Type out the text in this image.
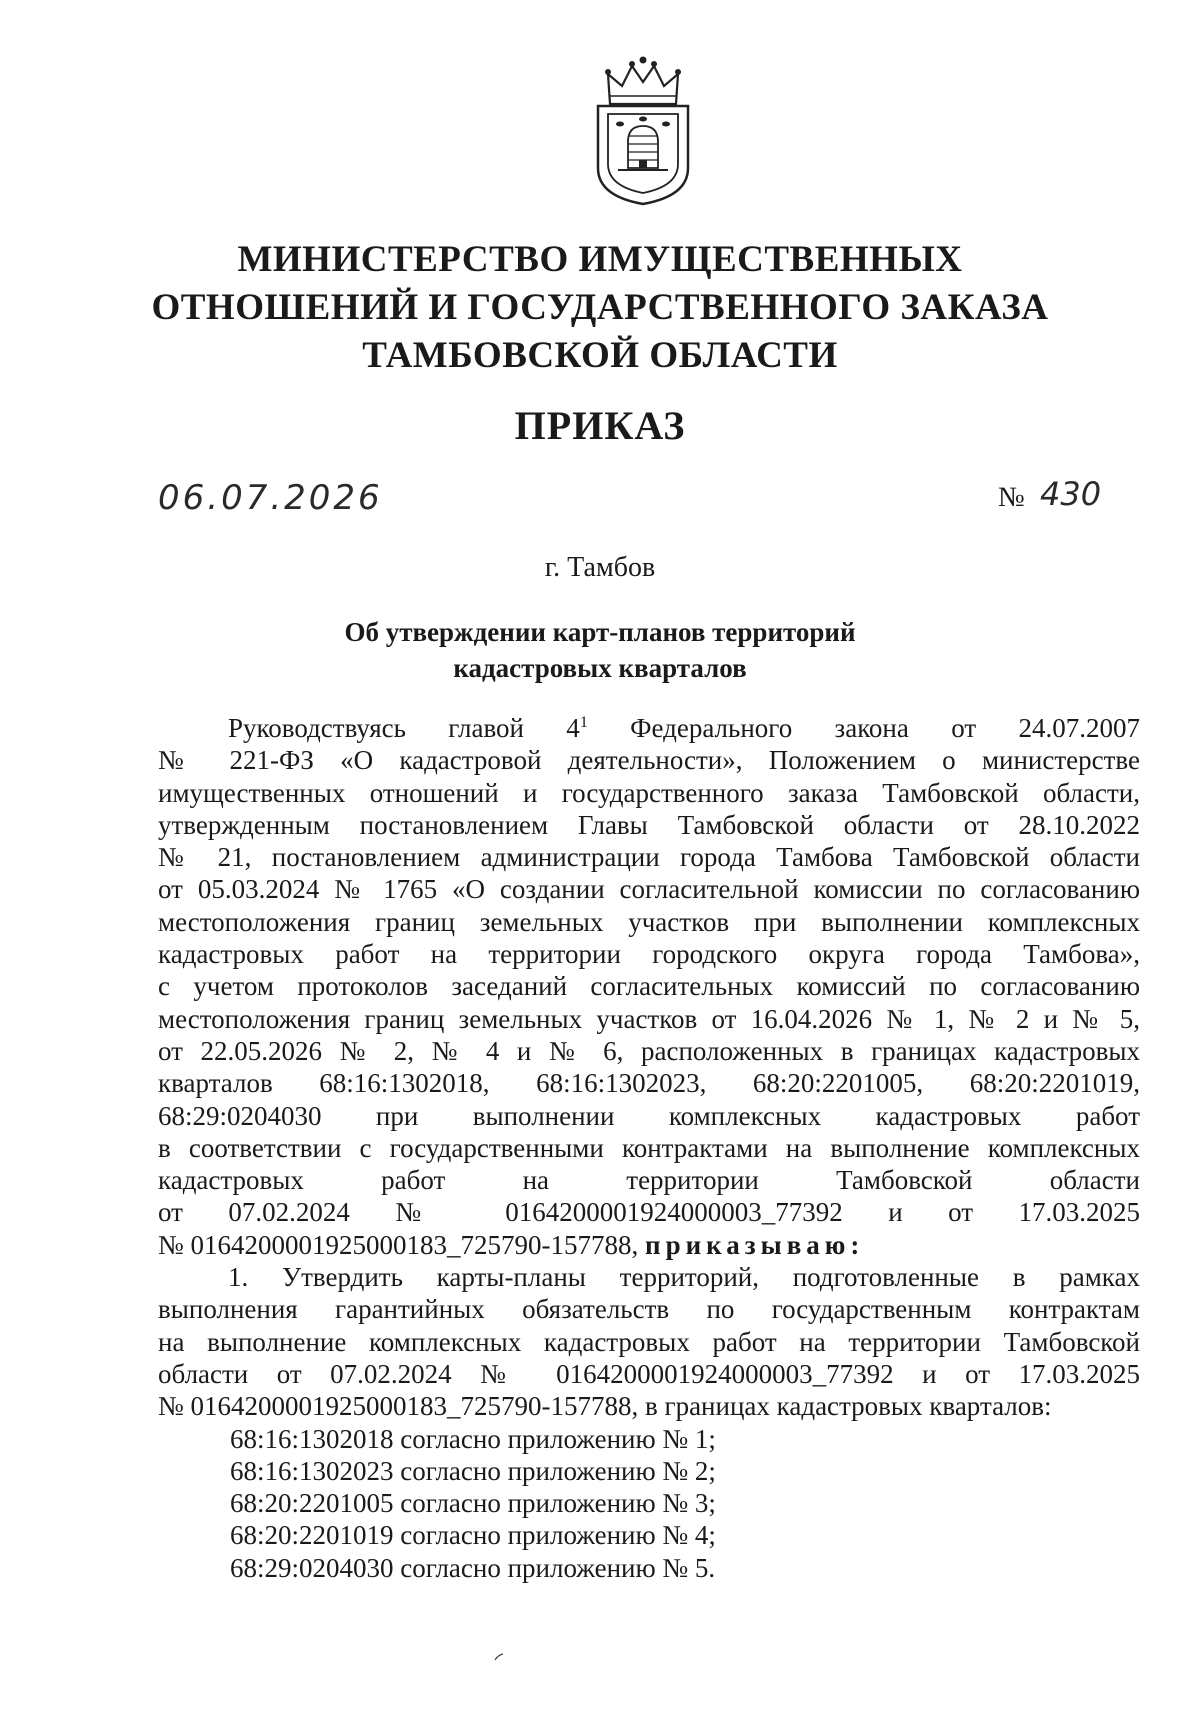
МИНИСТЕРСТВО ИМУЩЕСТВЕННЫХ
ОТНОШЕНИЙ И ГОСУДАРСТВЕННОГО ЗАКАЗА
ТАМБОВСКОЙ ОБЛАСТИ
ПРИКАЗ
06.07.2026	№ 430
г. Тамбов
Об утверждении карт-планов территорий
кадастровых кварталов
Руководствуясь главой $4^1$ Федерального закона от 24.07.2007
№ 221-ФЗ «О кадастровой деятельности», Положением о министерстве
имущественных отношений и государственного заказа Тамбовской области,
утвержденным постановлением Главы Тамбовской области от 28.10.2022
№ 21, постановлением администрации города Тамбова Тамбовской области
от 05.03.2024 № 1765 «О создании согласительной комиссии по согласованию
местоположения границ земельных участков при выполнении комплексных
кадастровых работ на территории городского округа города Тамбова»,
с учетом протоколов заседаний согласительных комиссий по согласованию
местоположения границ земельных участков от 16.04.2026 № 1, № 2 и № 5,
от 22.05.2026 № 2, № 4 и № 6, расположенных в границах кадастровых
кварталов 68:16:1302018, 68:16:1302023, 68:20:2201005, 68:20:2201019,
68:29:0204030 при выполнении комплексных кадастровых работ
в соответствии с государственными контрактами на выполнение комплексных
кадастровых работ на территории Тамбовской области
от 07.02.2024 № 0164200001924000003_77392 и от 17.03.2025
№ 0164200001925000183_725790-157788, приказываю:
1. Утвердить карты-планы территорий, подготовленные в рамках
выполнения гарантийных обязательств по государственным контрактам
на выполнение комплексных кадастровых работ на территории Тамбовской
области от 07.02.2024 № 0164200001924000003_77392 и от 17.03.2025
№ 0164200001925000183_725790-157788, в границах кадастровых кварталов:
68:16:1302018 согласно приложению № 1;
68:16:1302023 согласно приложению № 2;
68:20:2201005 согласно приложению № 3;
68:20:2201019 согласно приложению № 4;
68:29:0204030 согласно приложению № 5.
